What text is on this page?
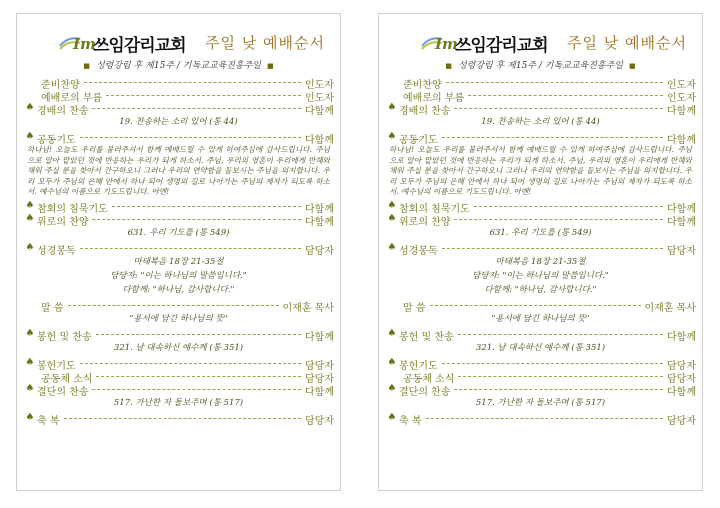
Im
쓰임감리교회 주일 낮 예배순서
■ 성령강림 후 제15주 / 기독교교육진흥주일 ■
준비찬양	인도자
예배로의 부름	인도자
♠ 경배의 찬송	다함께
19. 찬송하는 소리 있어 (통 44)
♠ 공동기도	다함께
하나님! 오늘도 우리를 불러주셔서 함께 예배드릴 수 있게 하여주심에 감사드립니다. 주님 으로 알아 맡았던 것에 반응하는 우리가 되게 하소서. 주님, 우리의 영혼이 우리에게 반해와 채워 주실 분을 찾아서 간구하오니 그러나 우리의 연약함을 돌보시는 주님을 의지합니다. 우리 모두가 주님의 은혜 안에서 하나 되어 생명의 길로 나아가는 주님의 제자가 되도록 하소서. 예수님의 이름으로 기도드립니다. 아멘!
♠ 참회의 침묵기도	다함께
♠ 위로의 찬양	다함께
631. 우리 기도를 (통 549)
♠ 성경봉독	담당자
마태복음 18장 21-35절
담당자: "이는 하나님의 말씀입니다."
다함께: "하나님, 감사합니다."
말 씀	이재훈 목사
"용서에 담긴 하나님의 뜻"
♠ 봉헌 및 찬송	다함께
321. 날 대속하신 예수께 (통 351)
♠ 봉헌기도	담당자
공동체 소식	담당자
♠ 결단의 찬송	다함께
517. 가난한 자 돌보주며 (통 517)
♠ 축 복	담당자
Im
쓰임감리교회 주일 낮 예배순서
■ 성령강림 후 제15주 / 기독교교육진흥주일 ■
준비찬양	인도자
예배로의 부름	인도자
♠ 경배의 찬송	다함께
19. 찬송하는 소리 있어 (통 44)
♠ 공동기도	다함께
하나님! 오늘도 우리를 불러주셔서 함께 예배드릴 수 있게 하여주심에 감사드립니다. 주님 으로 알아 맡았던 것에 반응하는 우리가 되게 하소서. 주님, 우리의 영혼이 우리에게 반해와 채워 주실 분을 찾아서 간구하오니 그러나 우리의 연약함을 돌보시는 주님을 의지합니다. 우리 모두가 주님의 은혜 안에서 하나 되어 생명의 길로 나아가는 주님의 제자가 되도록 하소서. 예수님의 이름으로 기도드립니다. 아멘!
♠ 참회의 침묵기도	다함께
♠ 위로의 찬양	다함께
631. 우리 기도를 (통 549)
♠ 성경봉독	담당자
마태복음 18장 21-35절
담당자: "이는 하나님의 말씀입니다."
다함께: "하나님, 감사합니다."
말 씀	이재훈 목사
"용서에 담긴 하나님의 뜻"
♠ 봉헌 및 찬송	다함께
321. 날 대속하신 예수께 (통 351)
♠ 봉헌기도	담당자
공동체 소식	담당자
♠ 결단의 찬송	다함께
517. 가난한 자 돌보주며 (통 517)
♠ 축 복	담당자
